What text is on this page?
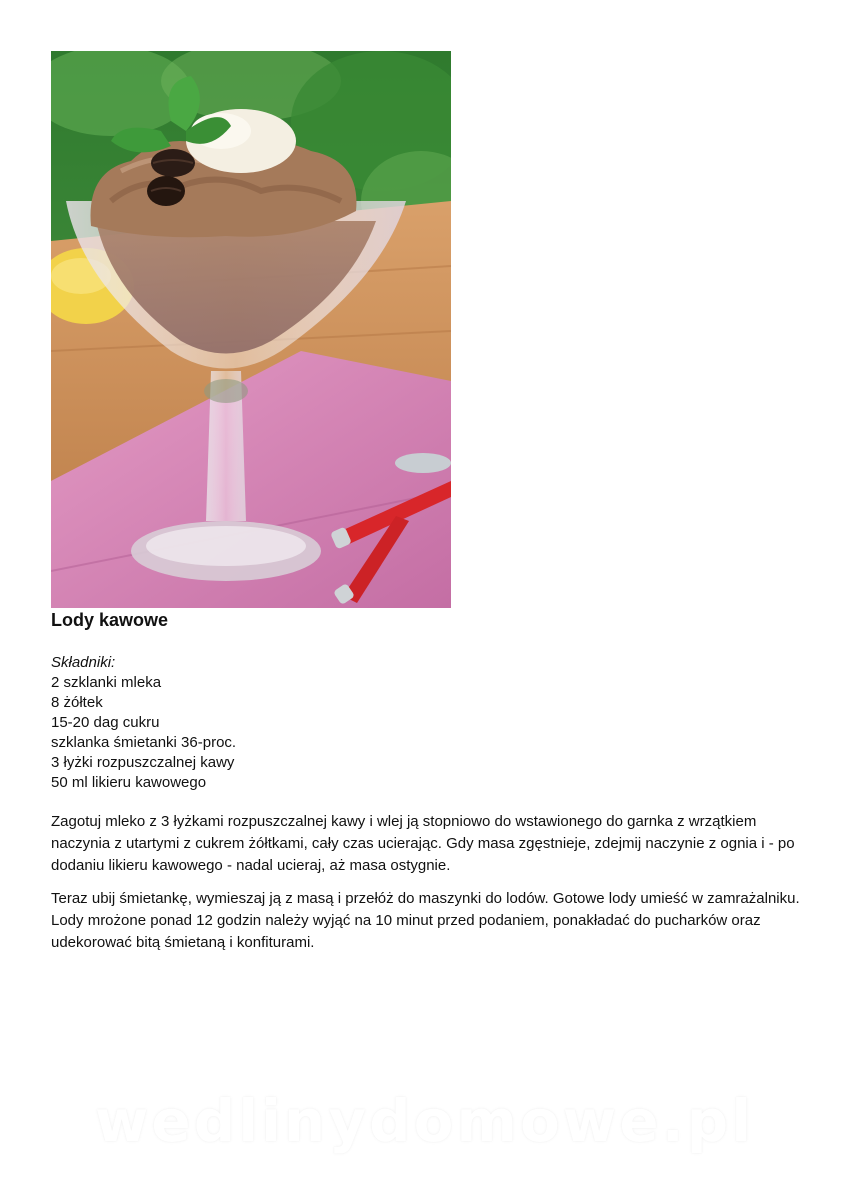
Lody kawowe
Składniki:
2 szklanki mleka
8 żółtek
15-20 dag cukru
szklanka śmietanki 36-proc.
3 łyżki rozpuszczalnej kawy
50 ml likieru kawowego

Zagotuj mleko z 3 łyżkami rozpuszczalnej kawy i wlej ją stopniowo do wstawionego do garnka z wrzątkiem naczynia z utartymi z cukrem żółtkami, cały czas ucierając. Gdy masa zgęstnieje, zdejmij naczynie z ognia i - po dodaniu likieru kawowego - nadal ucieraj, aż masa ostygnie.

Teraz ubij śmietankę, wymieszaj ją z masą i przełóż do maszynki do lodów. Gotowe lody umieść w zamrażalniku. Lody mrożone ponad 12 godzin należy wyjąć na 10 minut przed podaniem, ponakładać do pucharków oraz udekorować bitą śmietaną i konfiturami.

wedlinydomowe.pl
